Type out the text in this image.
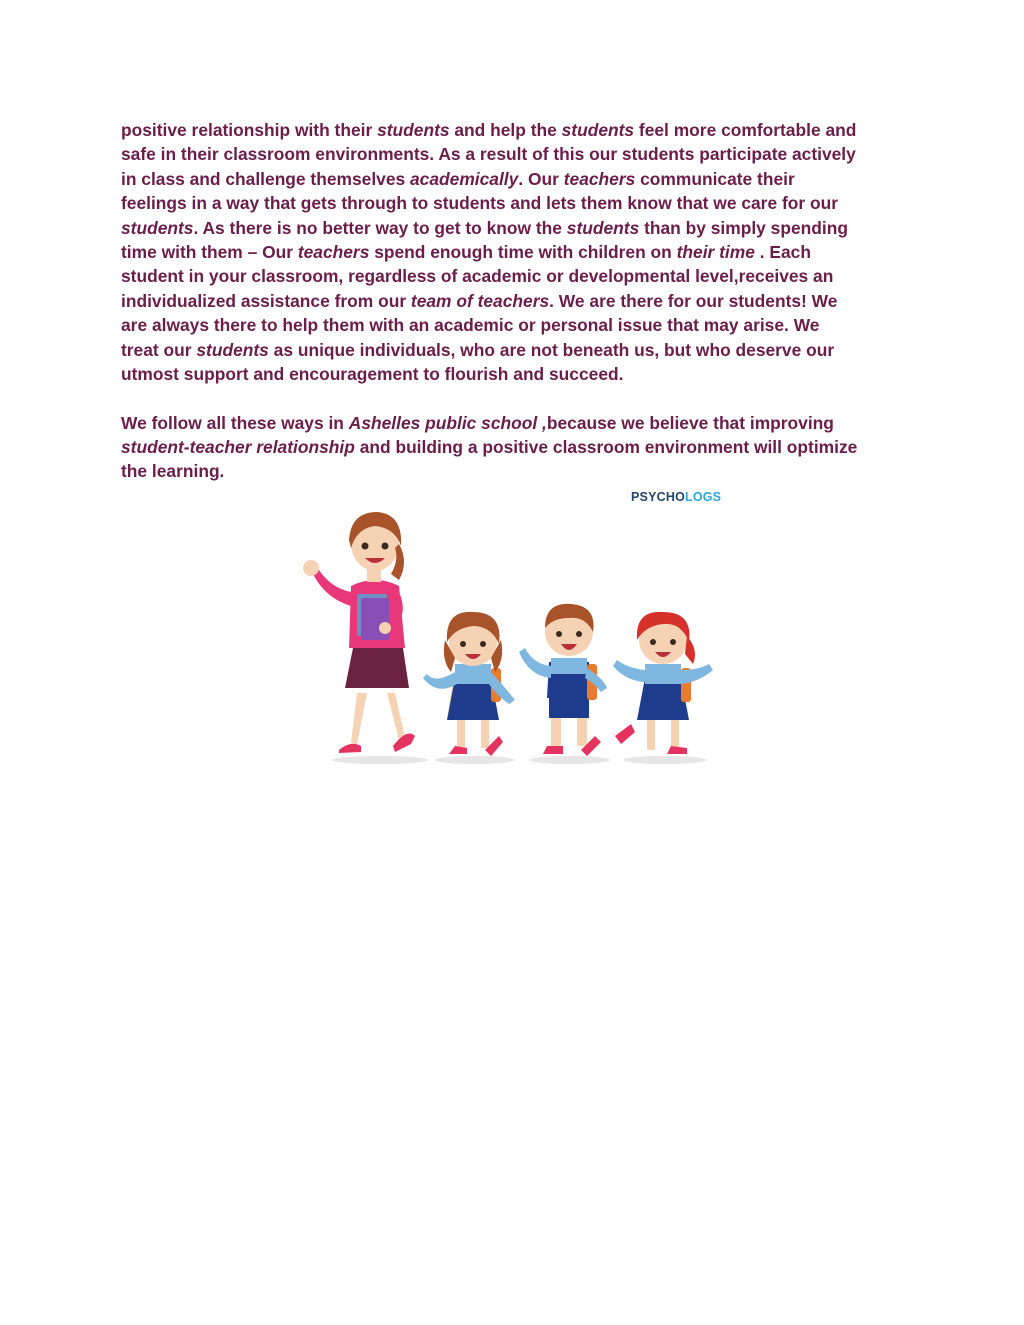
positive relationship with their students and help the students feel more comfortable and
safe in their classroom environments. As a result of this our students participate actively
in class and challenge themselves academically. Our teachers communicate their
feelings in a way that gets through to students and lets them know that we care for our
students. As there is no better way to get to know the students than by simply spending
time with them – Our teachers spend enough time with children on their time . Each
student in your classroom, regardless of academic or developmental level,receives an
individualized assistance from our team of teachers. We are there for our students! We
are always there to help them with an academic or personal issue that may arise. We
treat our students as unique individuals, who are not beneath us, but who deserve our
utmost support and encouragement to flourish and succeed.
We follow all these ways in Ashelles public school ,because we believe that improving
student-teacher relationship and building a positive classroom environment will optimize
the learning.
PSYCHOLOGS
